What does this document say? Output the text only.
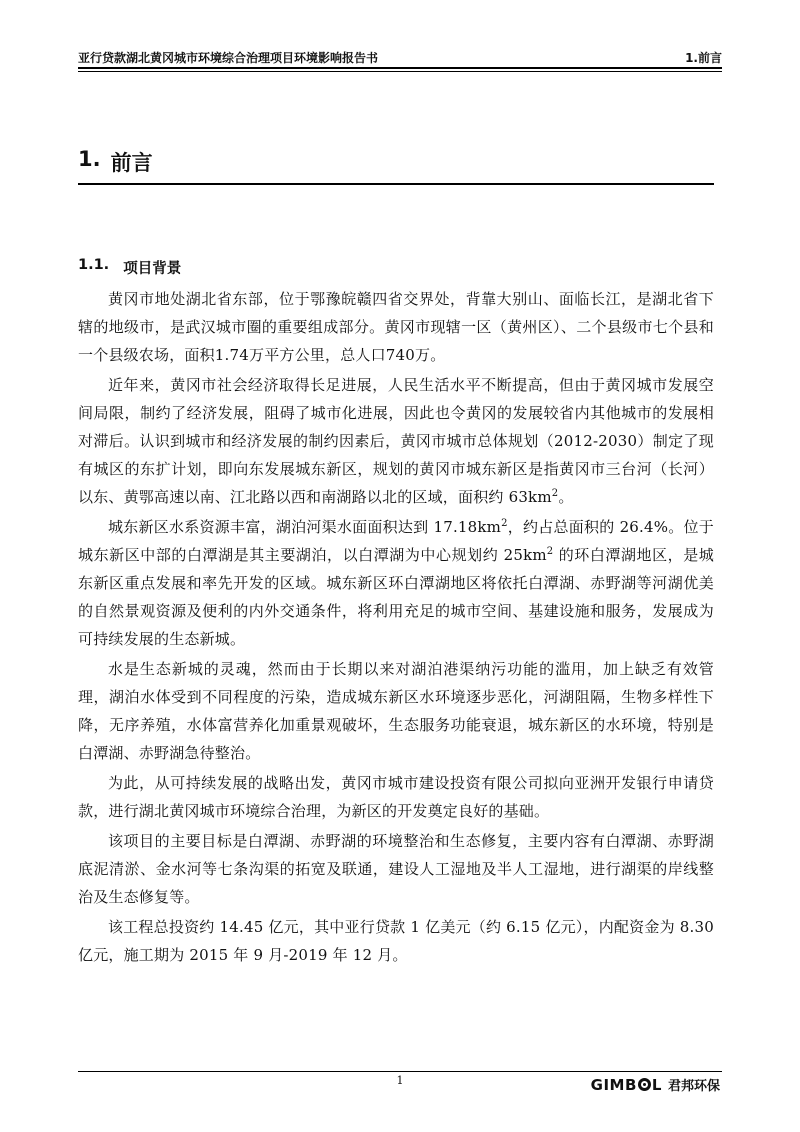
亚行贷款湖北黄冈城市环境综合治理项目环境影响报告书	1.前言
1. 前言
1.1. 项目背景

黄冈市地处湖北省东部，位于鄂豫皖赣四省交界处，背靠大别山、面临长江，是湖北省下辖的地级市，是武汉城市圈的重要组成部分。黄冈市现辖一区（黄州区）、二个县级市七个县和一个县级农场，面积1.74万平方公里，总人口740万。

近年来，黄冈市社会经济取得长足进展，人民生活水平不断提高，但由于黄冈城市发展空间局限，制约了经济发展，阻碍了城市化进展，因此也令黄冈的发展较省内其他城市的发展相对滞后。认识到城市和经济发展的制约因素后，黄冈市城市总体规划（2012-2030）制定了现有城区的东扩计划，即向东发展城东新区，规划的黄冈市城东新区是指黄冈市三台河（长河）以东、黄鄂高速以南、江北路以西和南湖路以北的区域，面积约 $63km^2$。

城东新区水系资源丰富，湖泊河渠水面面积达到 $17.18km^2$，约占总面积的 26.4%。位于城东新区中部的白潭湖是其主要湖泊，以白潭湖为中心规划约 $25km^2$ 的环白潭湖地区，是城东新区重点发展和率先开发的区域。城东新区环白潭湖地区将依托白潭湖、赤野湖等河湖优美的自然景观资源及便利的内外交通条件，将利用充足的城市空间、基建设施和服务，发展成为可持续发展的生态新城。

水是生态新城的灵魂，然而由于长期以来对湖泊港渠纳污功能的滥用，加上缺乏有效管理，湖泊水体受到不同程度的污染，造成城东新区水环境逐步恶化，河湖阻隔，生物多样性下降，无序养殖，水体富营养化加重景观破坏，生态服务功能衰退，城东新区的水环境，特别是白潭湖、赤野湖急待整治。

为此，从可持续发展的战略出发，黄冈市城市建设投资有限公司拟向亚洲开发银行申请贷款，进行湖北黄冈城市环境综合治理，为新区的开发奠定良好的基础。

该项目的主要目标是白潭湖、赤野湖的环境整治和生态修复，主要内容有白潭湖、赤野湖底泥清淤、金水河等七条沟渠的拓宽及联通，建设人工湿地及半人工湿地，进行湖渠的岸线整治及生态修复等。

该工程总投资约 14.45 亿元，其中亚行贷款 1 亿美元（约 6.15 亿元），内配资金为 8.30 亿元，施工期为 2015 年 9 月-2019 年 12 月。

1	GIMB L 君邦环保
